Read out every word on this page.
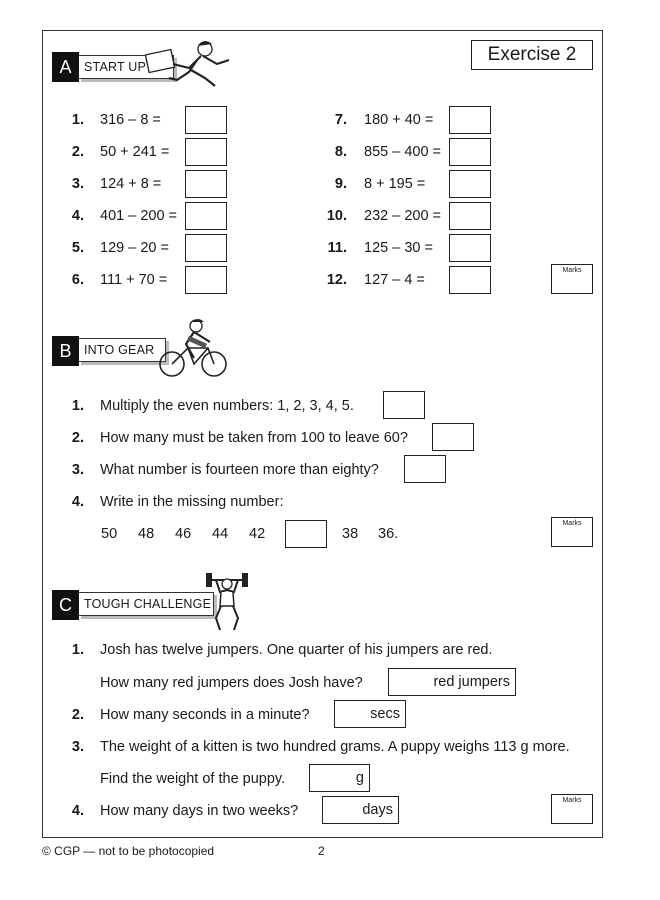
Exercise 2
START UP
A
1. 316 – 8 =
2. 50 + 241 =
3. 124 + 8 =
4. 401 – 200 =
5. 129 – 20 =
6. 111 + 70 =
7. 180 + 40 =
8. 855 – 400 =
9. 8 + 195 =
10. 232 – 200 =
11. 125 – 30 =
12. 127 – 4 =
Marks
INTO GEAR
B
1. Multiply the even numbers: 1, 2, 3, 4, 5.
2. How many must be taken from 100 to leave 60?
3. What number is fourteen more than eighty?
4. Write in the missing number:
50 48 46 44 42	38 36.
Marks
TOUGH CHALLENGE
C
1. Josh has twelve jumpers. One quarter of his jumpers are red.
How many red jumpers does Josh have?	red jumpers
2. How many seconds in a minute?	secs
3. The weight of a kitten is two hundred grams. A puppy weighs 113 g more.
Find the weight of the puppy.	g
4. How many days in two weeks?	days
Marks
© CGP — not to be photocopied	2
